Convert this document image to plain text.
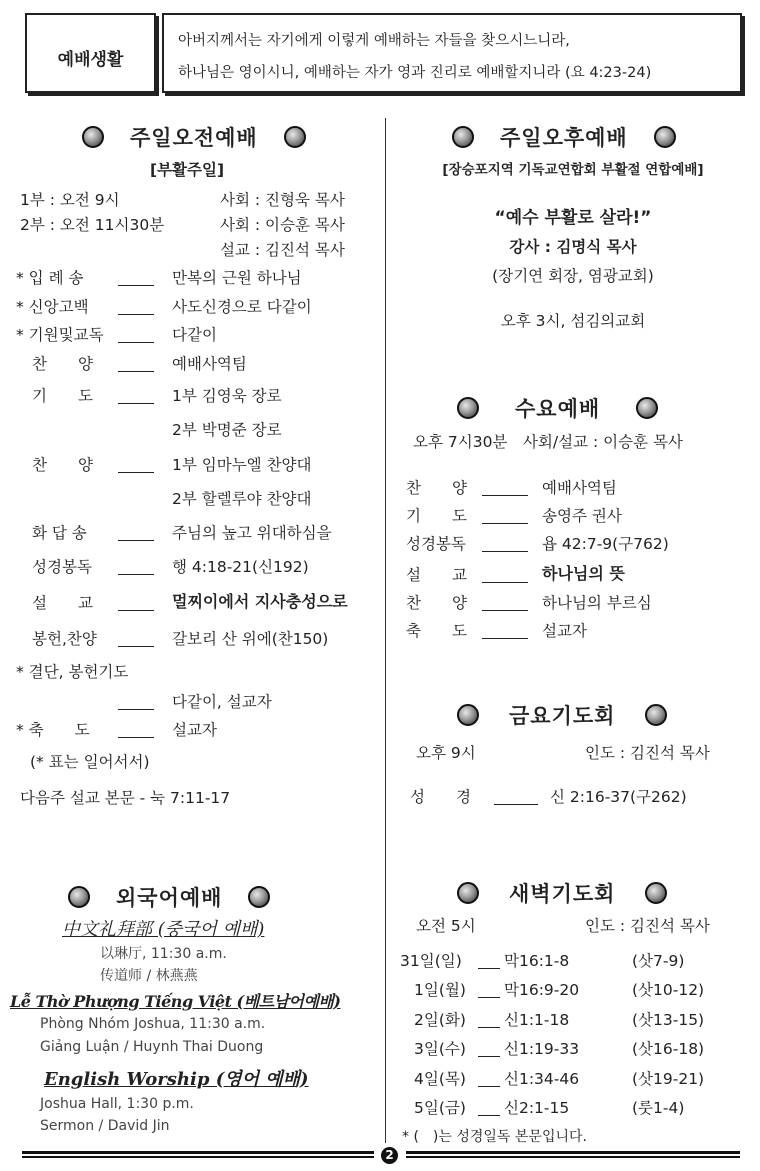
예배생활
아버지께서는 자기에게 이렇게 예배하는 자들을 찾으시느니라,
하나님은 영이시니, 예배하는 자가 영과 진리로 예배할지니라 (요 4:23-24)
주일오전예배
[부활주일]
1부 : 오전 9시	사회 : 진형욱 목사
2부 : 오전 11시30분	사회 : 이승훈 목사
설교 : 김진석 목사
* 입 례 송	만복의 근원 하나님
* 신앙고백	사도신경으로 다같이
* 기원및교독	다같이
찬　　양	예배사역팀
기　　도	1부 김영욱 장로
2부 박명준 장로
찬　　양	1부 임마누엘 찬양대
2부 할렐루야 찬양대
화 답 송	주님의 높고 위대하심을
성경봉독	행 4:18-21(신192)
설　　교	멀찌이에서 지사충성으로
봉헌,찬양	갈보리 산 위에(찬150)
* 결단, 봉헌기도
다같이, 설교자
* 축　　도	설교자
(* 표는 일어서서)
다음주 설교 본문 - 눅 7:11-17
외국어예배
中文礼拜部 (중국어 예배)
以琳厅, 11:30 a.m.
传道师 / 林燕燕
Lễ Thờ Phượng Tiếng Việt (베트남어예배)
Phòng Nhóm Joshua, 11:30 a.m.
Giảng Luận / Huynh Thai Duong
English Worship (영어 예배)
Joshua Hall, 1:30 p.m.
Sermon / David Jin
주일오후예배
[장승포지역 기독교연합회 부활절 연합예배]
“예수 부활로 살라!”
강사 : 김명식 목사
(장기연 회장, 염광교회)
오후 3시, 섬김의교회
수요예배
오후 7시30분　사회/설교 : 이승훈 목사
찬　　양	예배사역팀
기　　도	송영주 권사
성경봉독	욥 42:7-9(구762)
설　　교	하나님의 뜻
찬　　양	하나님의 부르심
축　　도	설교자
금요기도회
오후 9시	인도 : 김진석 목사
성　　경	신 2:16-37(구262)
새벽기도회
오전 5시	인도 : 김진석 목사
31일(일)	막16:1-8	(삿7-9)
1일(월) 막16:9-20	(삿10-12)
2일(화) 신1:1-18	(삿13-15)
3일(수) 신1:19-33	(삿16-18)
4일(목) 신1:34-46	(삿19-21)
5일(금) 신2:1-15	(룻1-4)
* (　)는 성경일독 본문입니다.
2
